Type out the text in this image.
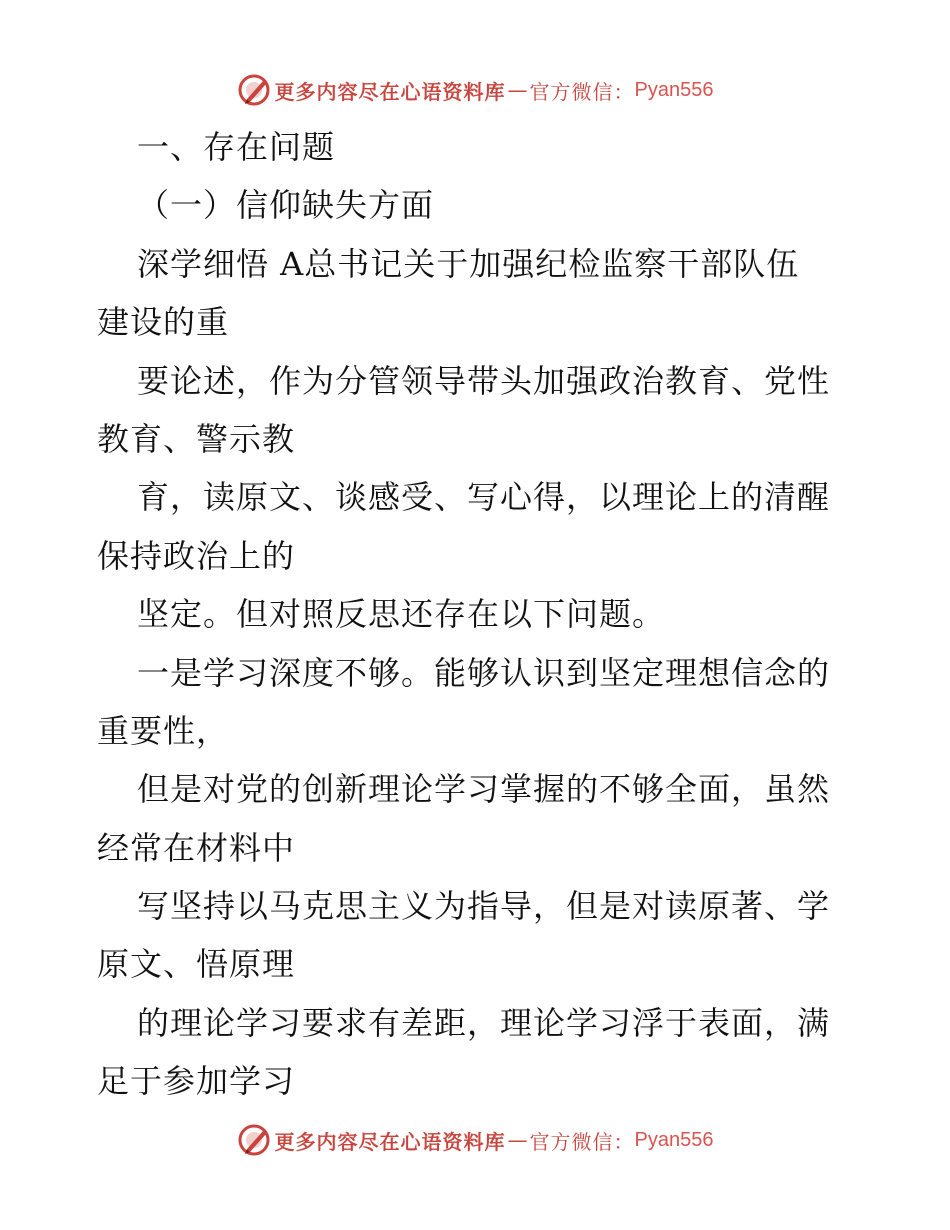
更多内容尽在心语资料库 — 官方微信： Pyan556
一、存在问题
（一）信仰缺失方面
深学细悟 A总书记关于加强纪检监察干部队伍
建设的重
要论述，作为分管领导带头加强政治教育、党性
教育、警示教
育，读原文、谈感受、写心得，以理论上的清醒
保持政治上的
坚定。但对照反思还存在以下问题。
一是学习深度不够。能够认识到坚定理想信念的
重要性，
但是对党的创新理论学习掌握的不够全面，虽然
经常在材料中
写坚持以马克思主义为指导，但是对读原著、学
原文、悟原理
的理论学习要求有差距，理论学习浮于表面，满
足于参加学习
更多内容尽在心语资料库 — 官方微信： Pyan556
